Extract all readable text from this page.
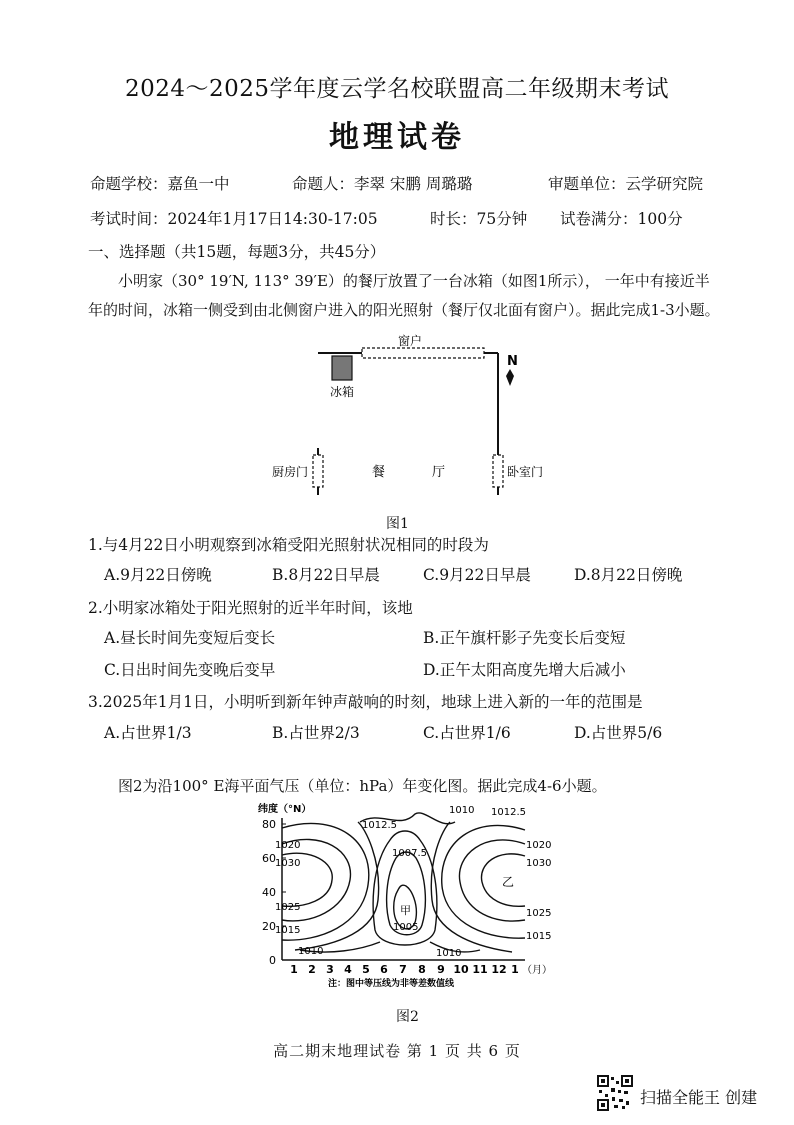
2024～2025学年度云学名校联盟高二年级期末考试
地理试卷
命题学校：嘉鱼一中	命题人：李翠 宋鹏 周璐璐	审题单位：云学研究院
考试时间：2024年1月17日14:30-17:05	时长：75分钟 试卷满分：100分
一、选择题（共15题，每题3分，共45分）
小明家（30° 19′N, 113° 39′E）的餐厅放置了一台冰箱（如图1所示）， 一年中有接近半
年的时间，冰箱一侧受到由北侧窗户进入的阳光照射（餐厅仅北面有窗户）。据此完成1-3小题。
窗户
卧室门
厨房门
冰箱
N
餐	厅
图1
1.与4月22日小明观察到冰箱受阳光照射状况相同的时段为
A.9月22日傍晚	B.8月22日早晨	C.9月22日早晨	D.8月22日傍晚
2.小明家冰箱处于阳光照射的近半年时间，该地
A.昼长时间先变短后变长	B.正午旗杆影子先变长后变短
C.日出时间先变晚后变早	D.正午太阳高度先增大后减小
3.2025年1月1日，小明听到新年钟声敲响的时刻，地球上进入新的一年的范围是
A.占世界1/3	B.占世界2/3	C.占世界1/6	D.占世界5/6
图2为沿100° E海平面气压（单位：hPa）年变化图。据此完成4-6小题。
纬度（°N）
80
60
40
20
0
1 2 3 4 5 6 7 8 9 10 11 12 1 （月）
1012.5
1010 1012.5
1020
1030
1007.5
1020
1030
1025
1015	1005
1025
1015
1010	1010
乙
甲
注：图中等压线为非等差数值线
图2
高二期末地理试卷 第 1 页 共 6 页
扫描全能王 创建
